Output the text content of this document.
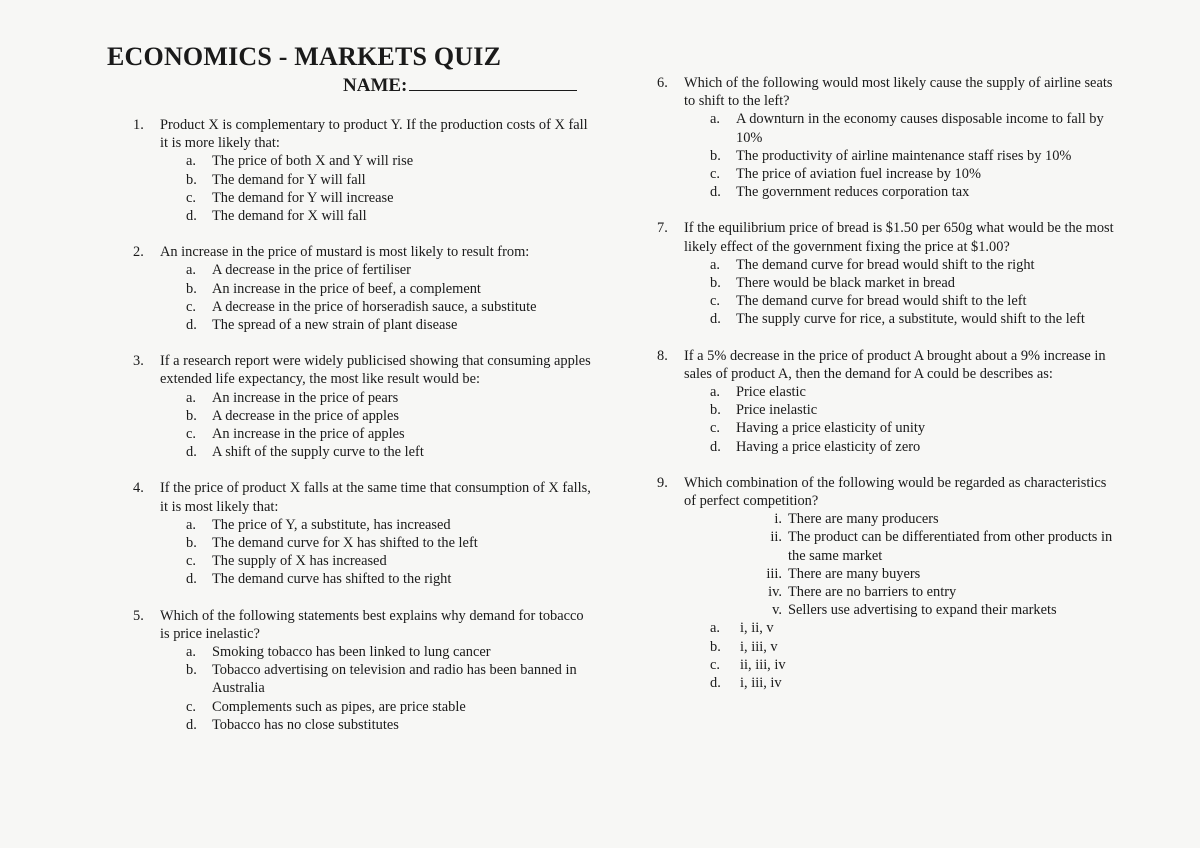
ECONOMICS - MARKETS QUIZ
NAME:
1. Product X is complementary to product Y. If the production costs of X fall it is more likely that:
a. The price of both X and Y will rise
b. The demand for Y will fall
c. The demand for Y will increase
d. The demand for X will fall
2. An increase in the price of mustard is most likely to result from:
a. A decrease in the price of fertiliser
b. An increase in the price of beef, a complement
c. A decrease in the price of horseradish sauce, a substitute
d. The spread of a new strain of plant disease
3. If a research report were widely publicised showing that consuming apples extended life expectancy, the most like result would be:
a. An increase in the price of pears
b. A decrease in the price of apples
c. An increase in the price of apples
d. A shift of the supply curve to the left
4. If the price of product X falls at the same time that consumption of X falls, it is most likely that:
a. The price of Y, a substitute, has increased
b. The demand curve for X has shifted to the left
c. The supply of X has increased
d. The demand curve has shifted to the right
5. Which of the following statements best explains why demand for tobacco is price inelastic?
a. Smoking tobacco has been linked to lung cancer
b. Tobacco advertising on television and radio has been banned in Australia
c. Complements such as pipes, are price stable
d. Tobacco has no close substitutes
6. Which of the following would most likely cause the supply of airline seats to shift to the left?
a. A downturn in the economy causes disposable income to fall by 10%
b. The productivity of airline maintenance staff rises by 10%
c. The price of aviation fuel increase by 10%
d. The government reduces corporation tax
7. If the equilibrium price of bread is $1.50 per 650g what would be the most likely effect of the government fixing the price at $1.00?
a. The demand curve for bread would shift to the right
b. There would be black market in bread
c. The demand curve for bread would shift to the left
d. The supply curve for rice, a substitute, would shift to the left
8. If a 5% decrease in the price of product A brought about a 9% increase in sales of product A, then the demand for A could be describes as:
a. Price elastic
b. Price inelastic
c. Having a price elasticity of unity
d. Having a price elasticity of zero
9. Which combination of the following would be regarded as characteristics of perfect competition?
i. There are many producers
ii. The product can be differentiated from other products in the same market
iii. There are many buyers
iv. There are no barriers to entry
v. Sellers use advertising to expand their markets
a. i, ii, v
b. i, iii, v
c. ii, iii, iv
d. i, iii, iv
